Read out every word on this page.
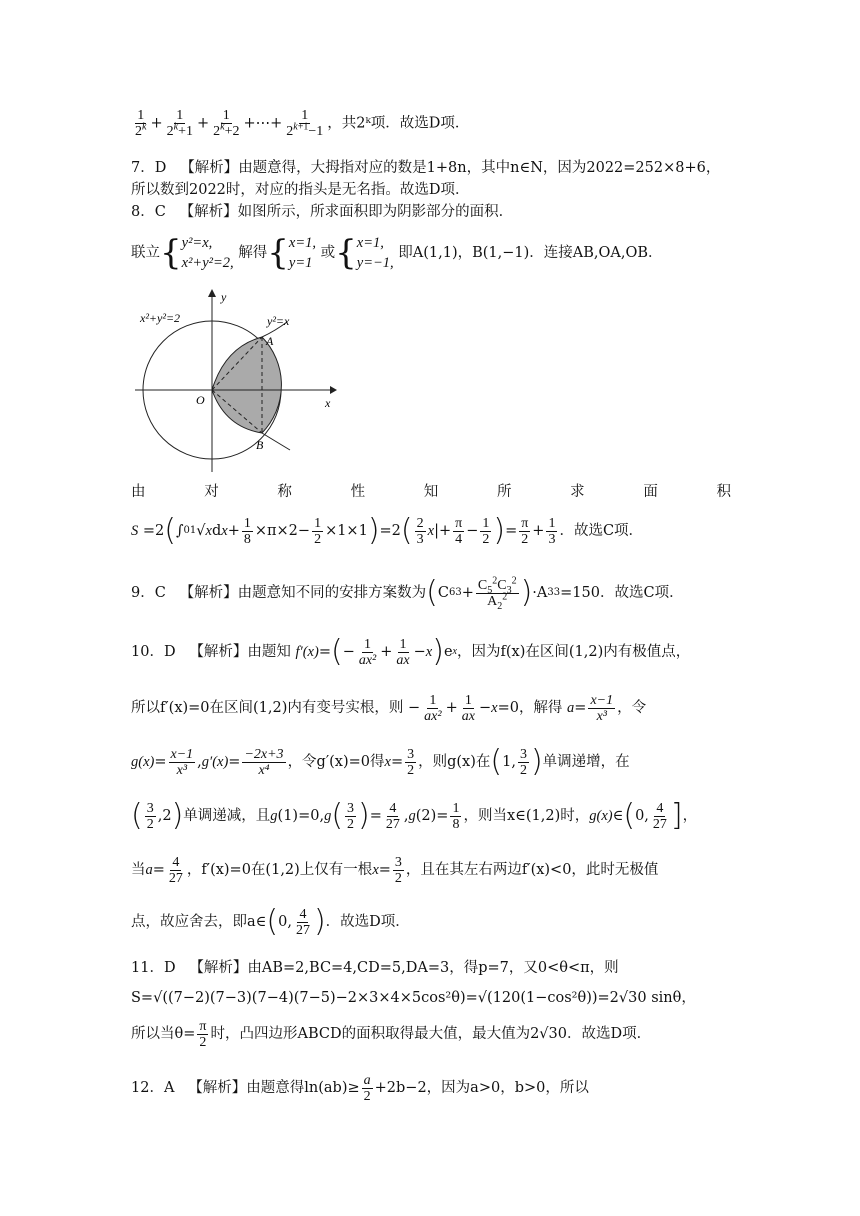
$\frac{1}{2^k} + \frac{1}{2^k+1} + \frac{1}{2^k+2}$ +⋯+ $\frac{1}{2^{k+1}-1}$ ，共2ᵏ项．故选D项．
7．D 【解析】由题意得，大拇指对应的数是1+8n，其中n∈N，因为2022=252×8+6，
所以数到2022时，对应的指头是无名指。故选D项．
8．C 【解析】如图所示，所求面积即为阴影部分的面积．
联立 { y²=x,
x²+y²=2,

解得 { x=1,
y=1

或 { x=1,
y=−1,

即A(1,1)，B(1,−1)．连接AB,OA,OB．
x²+y²=2	y²=x
A
B
O	x
y
由	对	称	性	知	所	求	面	积
S =2 ( ∫ 0 1 √ x d $x + \frac{1}{8} \times\pi\times 2- \frac{1}{2} \times 1\times 1$ ) =2 ( $\frac{2}{3}$ x |+ $\frac{\pi}{4} - \frac{1}{2}$ ) = $\frac{\pi}{2} + \frac{1}{3}$ ．故选C项．
9．C
【解析】 由题意知不同的安排方案数为 ( C 6 $3 + \frac{C_5^2C_3^2}{A_2^2}$ ) ·A 3 3 =150 ．故选C项．
10．D
【解析】 由题知
f′(x) = ( − $\frac{1}{\text{ax²}} + \frac{1}{ax} - x$ ) e x ，因为f(x)在区间(1,2)内有极值点，
所以f′(x)=0在区间(1,2)内有变号实根，则 − $\frac{1}{\text{ax²}} + \frac{1}{ax} - x =0$ ，解得
$a = \frac{x-1}{\text{x³}}$ ，令
$g(x) = \frac{x-1}{\text{x³}}$ , $g'(x) = \frac{-2x+3}{\text{x⁴}}$ ，令g′(x)=0得 $x = \frac{3}{2}$ ，则g(x)在 ( 1, $\frac{3}{2}$ ) 单调递增，在
( $\frac{3}{2} ,2$ ) 单调递减，且 g (1)=0, g ( $\frac{3}{2}$ ) = $\frac{4}{27}$ , g $(2)= \frac{1}{8}$ ，则当x∈(1,2)时， g(x) ∈ ( 0, $\frac{4}{27}$ ] ，
当 $a = \frac{4}{27}$ ，f′(x)=0在(1,2)上仅有一根 $x = \frac{3}{2}$ ，且在其左右两边f′(x)<0，此时无极值
点，故应舍去，即a∈ ( 0, $\frac{4}{27}$ ) ．故选D项．
11．D 【解析】由AB=2,BC=4,CD=5,DA=3，得p=7，又0<θ<π，则
S=√((7−2)(7−3)(7−4)(7−5)−2×3×4×5cos²θ)=√(120(1−cos²θ))=2√30 sinθ，
所以当$\theta= \frac{\pi}{2}$ 时，凸四边形ABCD的面积取得最大值，最大值为2√30．故选D项．
12．A
【解析】 由题意得$\ln(ab)\ge \frac{a}{2} +2b-2$，因为a>0，b>0，所以
